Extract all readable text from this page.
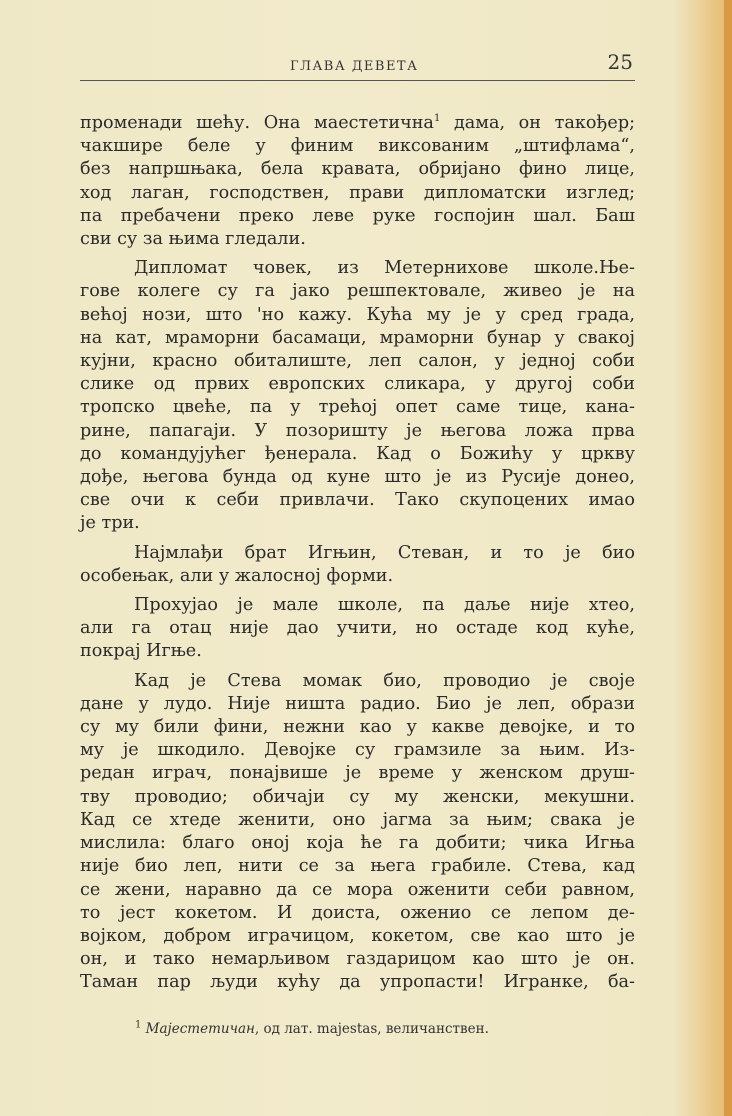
ГЛАВА ДЕВЕТА	25

променади шећу. Она маестетична$^1$ дама, он такођер;
чакшире беле у финим виксованим „штифлама“,
без напршњака, бела кравата, обријано фино лице,
ход лаган, господствен, прави дипломатски изглед;
па пребачени преко леве руке госпојин шал. Баш
сви су за њима гледали.

Дипломат човек, из Метернихове школе.Ње-
гове колеге су га јако решпектовале, живео је на
већој нози, што 'но кажу. Кућа му је у сред града,
на кат, мраморни басамаци, мраморни бунар у свакој
кујни, красно обиталиште, леп салон, у једној соби
слике од првих европских сликара, у другој соби
тропско цвеће, па у трећој опет саме тице, кана-
рине, папагаји. У позоришту је његова ложа прва
до командујућег ђенерала. Кад о Божићу у цркву
дође, његова бунда од куне што је из Русије донео,
све очи к себи привлачи. Тако скупоцених имао
је три.

Најмлађи брат Игњин, Стеван, и то је био
особењак, али у жалосној форми.

Прохујао је мале школе, па даље није хтео,
али га отац није дао учити, но остаде код куће,
покрај Игње.

Кад је Стева момак био, проводио је своје
дане у лудо. Није ништа радио. Био је леп, образи
су му били фини, нежни као у какве девојке, и то
му је шкодило. Девојке су грамзиле за њим. Из-
редан играч, понајвише је време у женском друш-
тву проводио; обичаји су му женски, мекушни.
Кад се хтеде женити, оно јагма за њим; свака је
мислила: благо оној која ће га добити; чика Игња
није био леп, нити се за њега грабиле. Стева, кад
се жени, наравно да се мора оженити себи равном,
то јест кокетом. И доиста, оженио се лепом де-
војком, добром играчицом, кокетом, све као што је
он, и тако немарљивом газдарицом као што је он.
Таман пар људи кућу да упропасти! Игранке, ба-

$^1$ Мајестетичан, од лат. majestas, величанствен.
